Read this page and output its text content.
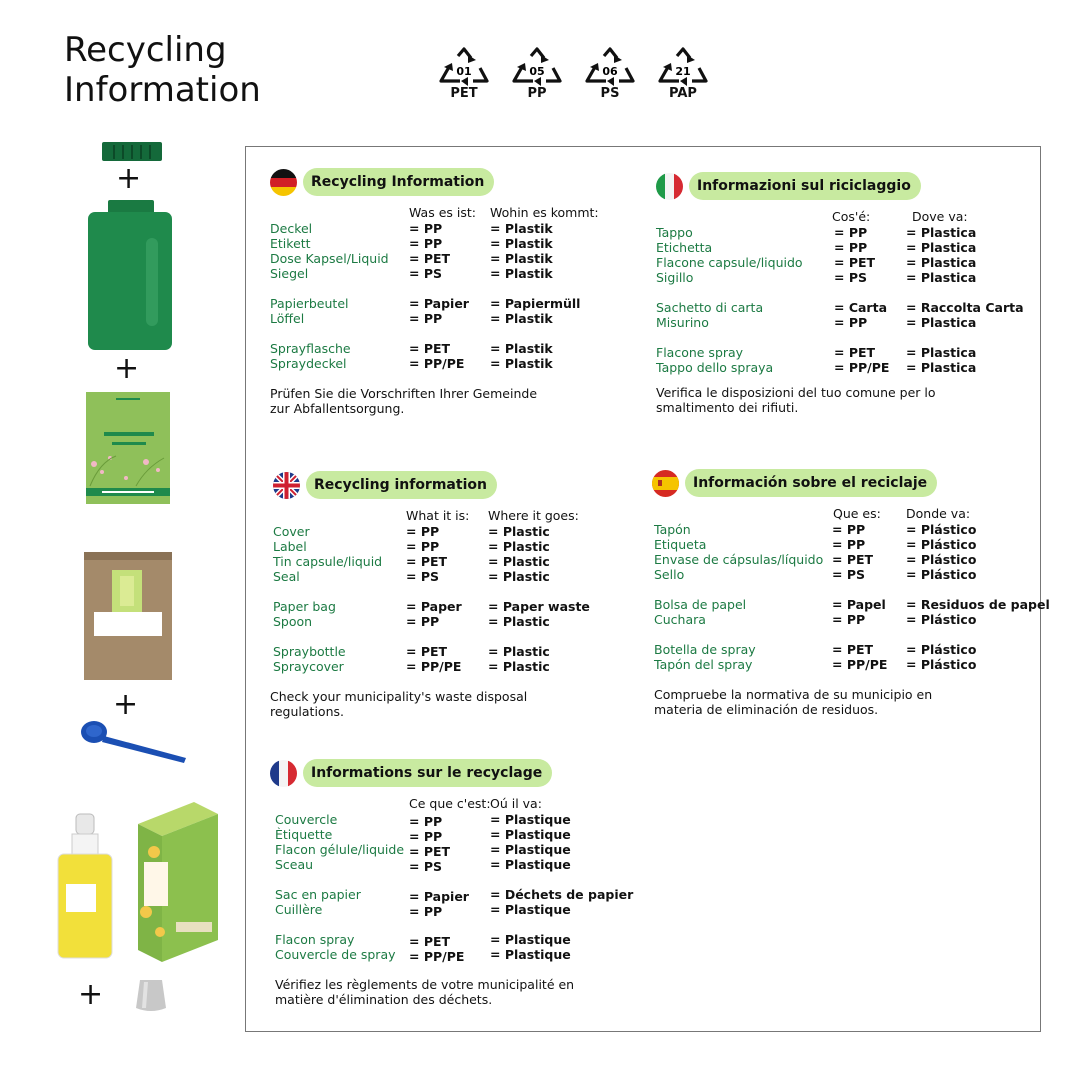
Recycling
Information	01
PET
05
PP
06
PS
21
PAP
+
+
+
+
Recycling Information
Was es ist: Wohin es kommt:
Deckel	= PP	= Plastik
Etikett	= PP	= Plastik
Dose Kapsel/Liquid = PET	= Plastik
Siegel	= PS	= Plastik
Papierbeutel	= Papier = Papiermüll
Löffel	= PP	= Plastik
Sprayflasche	= PET	= Plastik
Spraydeckel	= PP/PE = Plastik
Prüfen Sie die Vorschriften Ihrer Gemeinde zur Abfallentsorgung.
Informazioni sul riciclaggio
Cos'é:	Dove va:
Tappo	= PP	= Plastica
Etichetta	= PP	= Plastica
Flacone capsule/liquido	= PET = Plastica
Sigillo	= PS	= Plastica
Sachetto di carta	= Carta = Raccolta Carta
Misurino	= PP	= Plastica
Flacone spray	= PET = Plastica
Tappo dello spraya	= PP/PE = Plastica
Verifica le disposizioni del tuo comune per lo smaltimento dei rifiuti.
Recycling information
What it is: Where it goes:
Cover	= PP	= Plastic
Label	= PP	= Plastic
Tin capsule/liquid = PET	= Plastic
Seal	= PS	= Plastic
Paper bag	= Paper = Paper waste
Spoon	= PP	= Plastic
Spraybottle	= PET	= Plastic
Spraycover	= PP/PE = Plastic
Check your municipality's waste disposal regulations.
Información sobre el reciclaje
Que es: Donde va:
Tapón	= PP	= Plástico
Etiqueta	= PP	= Plástico
Envase de cápsulas/líquido = PET	= Plástico
Sello	= PS	= Plástico
Bolsa de papel	= Papel = Residuos de papel
Cuchara	= PP	= Plástico
Botella de spray	= PET	= Plástico
Tapón del spray	= PP/PE = Plástico
Compruebe la normativa de su municipio en materia de eliminación de residuos.
Informations sur le recyclage
Ce que c'est: Oú il va:
Couvercle	= PP	= Plastique
Ètiquette	= PP	= Plastique
Flacon gélule/liquide = PET	= Plastique
Sceau	= PS	= Plastique
Sac en papier	= Papier = Déchets de papier
Cuillère	= PP	= Plastique
Flacon spray	= PET	= Plastique
Couvercle de spray = PP/PE = Plastique
Vérifiez les règlements de votre municipalité en matière d'élimination des déchets.
